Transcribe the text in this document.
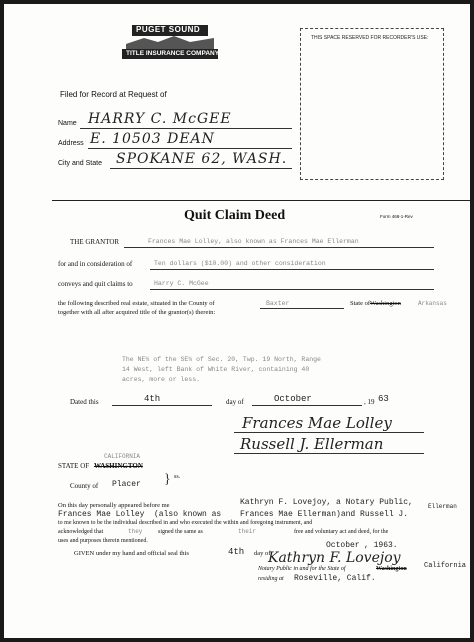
PUGET SOUND
TITLE INSURANCE COMPANY
THIS SPACE RESERVED FOR RECORDER'S USE:
Filed for Record at Request of
Name HARRY C. McGEE
Address E. 10503 DEAN
City and State SPOKANE 62, WASH.
Quit Claim Deed	Form 468-1-Rev
THE GRANTOR	Frances Mae Lolley, also known as Frances Mae Ellerman
for and in consideration of	Ten dollars ($10.00) and other consideration
conveys and quit claims to	Harry C. McGee
the following described real estate, situated in the County of	Baxter	State of Washington	Arkansas
together with all after acquired title of the grantor(s) therein:
The NE¼ of the SE¼ of Sec. 20, Twp. 19 North, Range
14 West, left Bank of White River, containing 40
acres, more or less.
Dated this	4th	day of	October	, 19 63
Frances Mae Lolley
Russell J. Ellerman
STATE OF WASHINGTON
CALIFORNIA
County of Placer } ss.
On this day personally appeared before me	Kathryn F. Lovejoy, a Notary Public,
Frances Mae Lolley (also known as Frances Mae Ellerman)and Russell J.
Ellerman
to me known to be the individual described in and who executed the within and foregoing instrument, and
acknowledged that	they	signed the same as	their	free and voluntary act and deed, for the
uses and purposes therein mentioned.
GIVEN under my hand and official seal this	4th day of
October , 1963.
Kathryn F. Lovejoy
Notary Public in and for the State of	Washington California
residing at Roseville, Calif.
